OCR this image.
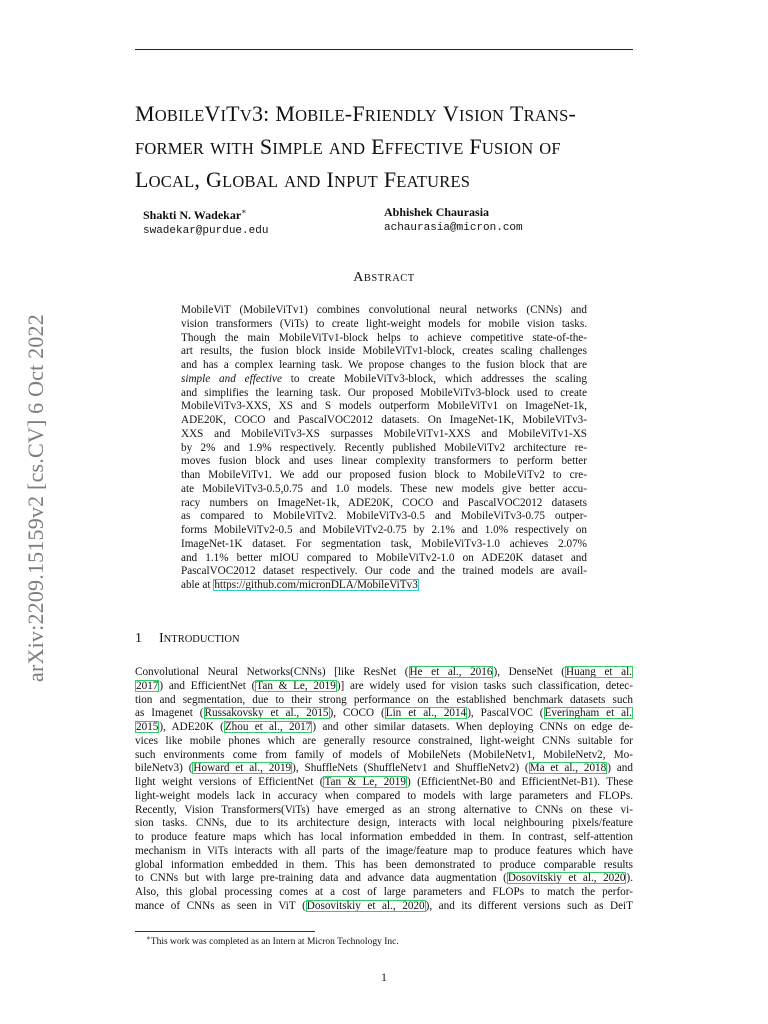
arXiv:2209.15159v2 [cs.CV] 6 Oct 2022
MOBILEVITV3: MOBILE-FRIENDLY VISION TRANS-
FORMER WITH SIMPLE AND EFFECTIVE FUSION OF
LOCAL, GLOBAL AND INPUT FEATURES
Shakti N. Wadekar∗
swadekar@purdue.edu
Abhishek Chaurasia
achaurasia@micron.com
ABSTRACT
MobileViT (MobileViTv1) combines convolutional neural networks (CNNs) and
vision transformers (ViTs) to create light-weight models for mobile vision tasks.
Though the main MobileViTv1-block helps to achieve competitive state-of-the-
art results, the fusion block inside MobileViTv1-block, creates scaling challenges
and has a complex learning task. We propose changes to the fusion block that are
simple and effective to create MobileViTv3-block, which addresses the scaling
and simplifies the learning task. Our proposed MobileViTv3-block used to create
MobileViTv3-XXS, XS and S models outperform MobileViTv1 on ImageNet-1k,
ADE20K, COCO and PascalVOC2012 datasets. On ImageNet-1K, MobileViTv3-
XXS and MobileViTv3-XS surpasses MobileViTv1-XXS and MobileViTv1-XS
by 2% and 1.9% respectively. Recently published MobileViTv2 architecture re-
moves fusion block and uses linear complexity transformers to perform better
than MobileViTv1. We add our proposed fusion block to MobileViTv2 to cre-
ate MobileViTv3-0.5,0.75 and 1.0 models. These new models give better accu-
racy numbers on ImageNet-1k, ADE20K, COCO and PascalVOC2012 datasets
as compared to MobileViTv2. MobileViTv3-0.5 and MobileViTv3-0.75 outper-
forms MobileViTv2-0.5 and MobileViTv2-0.75 by 2.1% and 1.0% respectively on
ImageNet-1K dataset. For segmentation task, MobileViTv3-1.0 achieves 2.07%
and 1.1% better mIOU compared to MobileViTv2-1.0 on ADE20K dataset and
PascalVOC2012 dataset respectively. Our code and the trained models are avail-
able at https://github.com/micronDLA/MobileViTv3
1 INTRODUCTION
Convolutional Neural Networks(CNNs) [like ResNet (He et al., 2016), DenseNet (Huang et al.
2017) and EfficientNet (Tan & Le, 2019)] are widely used for vision tasks such classification, detec-
tion and segmentation, due to their strong performance on the established benchmark datasets such
as Imagenet (Russakovsky et al., 2015), COCO (Lin et al., 2014), PascalVOC (Everingham et al.
2015), ADE20K (Zhou et al., 2017) and other similar datasets. When deploying CNNs on edge de-
vices like mobile phones which are generally resource constrained, light-weight CNNs suitable for
such environments come from family of models of MobileNets (MobileNetv1, MobileNetv2, Mo-
bileNetv3) (Howard et al., 2019), ShuffleNets (ShuffleNetv1 and ShuffleNetv2) (Ma et al., 2018) and
light weight versions of EfficientNet (Tan & Le, 2019) (EfficientNet-B0 and EfficientNet-B1). These
light-weight models lack in accuracy when compared to models with large parameters and FLOPs.
Recently, Vision Transformers(ViTs) have emerged as an strong alternative to CNNs on these vi-
sion tasks. CNNs, due to its architecture design, interacts with local neighbouring pixels/feature
to produce feature maps which has local information embedded in them. In contrast, self-attention
mechanism in ViTs interacts with all parts of the image/feature map to produce features which have
global information embedded in them. This has been demonstrated to produce comparable results
to CNNs but with large pre-training data and advance data augmentation (Dosovitskiy et al., 2020).
Also, this global processing comes at a cost of large parameters and FLOPs to match the perfor-
mance of CNNs as seen in ViT (Dosovitskiy et al., 2020), and its different versions such as DeiT
∗This work was completed as an Intern at Micron Technology Inc.
1
